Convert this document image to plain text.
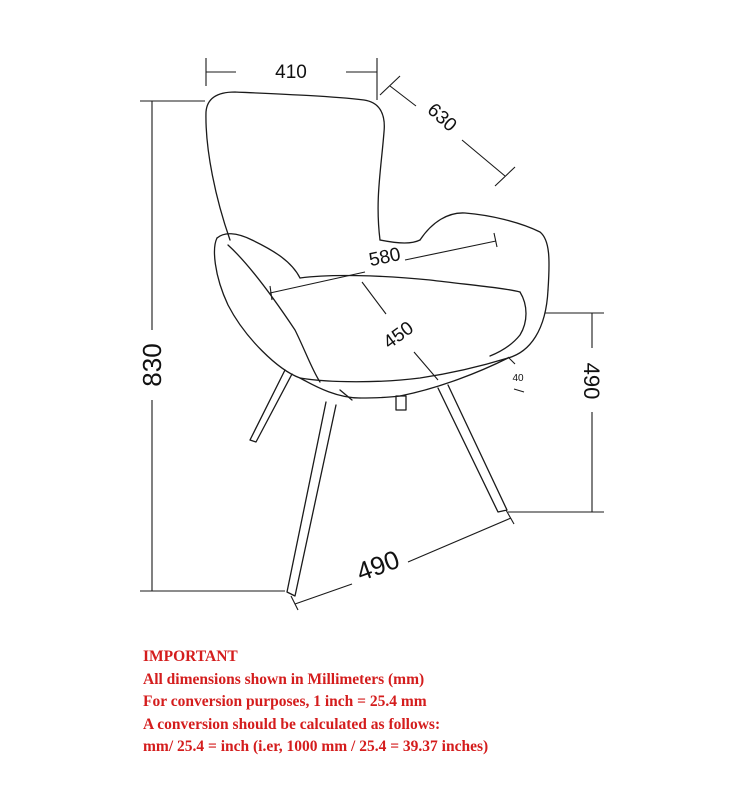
410
630
830
580
450
40	490
490
IMPORTANT
All dimensions shown in Millimeters (mm)
For conversion purposes, 1 inch = 25.4 mm
A conversion should be calculated as follows:
mm/ 25.4 = inch (i.er, 1000 mm / 25.4 = 39.37 inches)
